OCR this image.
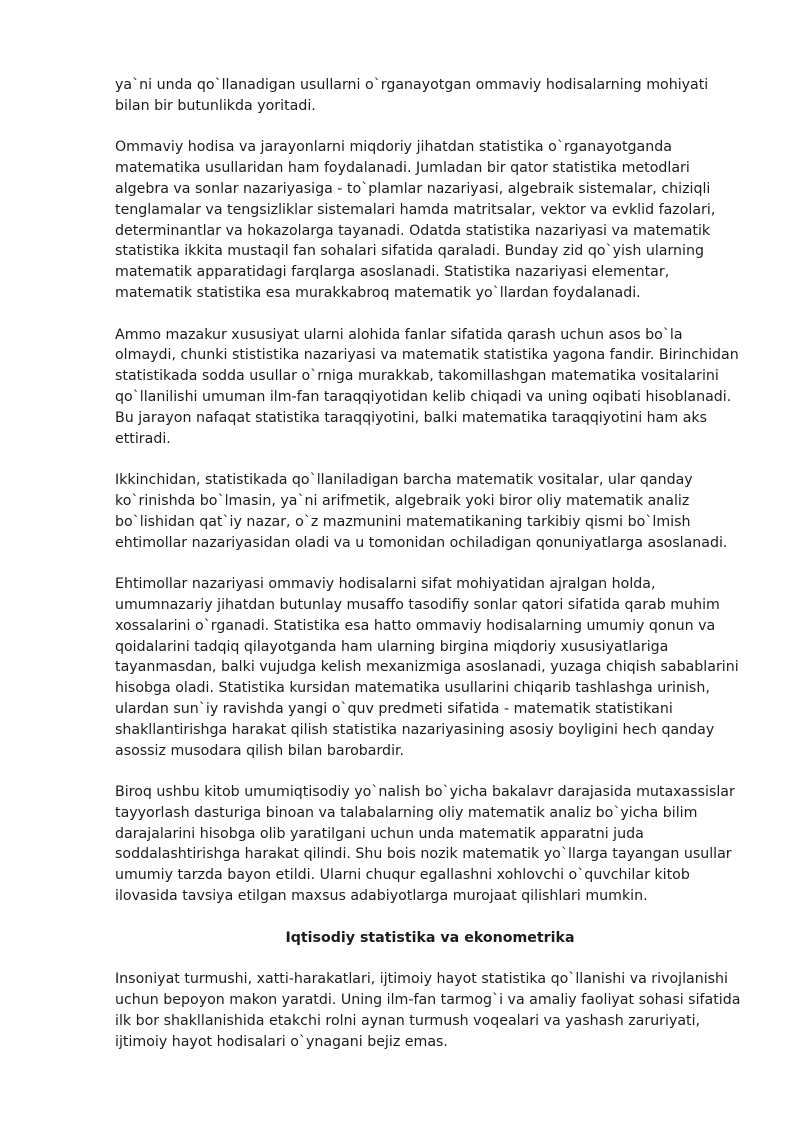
ya`ni unda qo`llanadigan usullarni o`rganayotgan ommaviy hodisalarning mohiyati bilan bir butunlikda yoritadi.

Ommaviy hodisa va jarayonlarni miqdoriy jihatdan statistika o`rganayotganda matematika usullaridan ham foydalanadi. Jumladan bir qator statistika metodlari algebra va sonlar nazariyasiga - to`plamlar nazariyasi, algebraik sistemalar, chiziqli tenglamalar va tengsizliklar sistemalari hamda matritsalar, vektor va evklid fazolari, determinantlar va hokazolarga tayanadi. Odatda statistika nazariyasi va matematik statistika ikkita mustaqil fan sohalari sifatida qaraladi. Bunday zid qo`yish ularning matematik apparatidagi farqlarga asoslanadi. Statistika nazariyasi elementar, matematik statistika esa murakkabroq matematik yo`llardan foydalanadi.

Ammo mazakur xususiyat ularni alohida fanlar sifatida qarash uchun asos bo`la olmaydi, chunki stististika nazariyasi va matematik statistika yagona fandir. Birinchidan statistikada sodda usullar o`rniga murakkab, takomillashgan matematika vositalarini qo`llanilishi umuman ilm-fan taraqqiyotidan kelib chiqadi va uning oqibati hisoblanadi. Bu jarayon nafaqat statistika taraqqiyotini, balki matematika taraqqiyotini ham aks ettiradi.

Ikkinchidan, statistikada qo`llaniladigan barcha matematik vositalar, ular qanday ko`rinishda bo`lmasin, ya`ni arifmetik, algebraik yoki biror oliy matematik analiz bo`lishidan qat`iy nazar, o`z mazmunini matematikaning tarkibiy qismi bo`lmish ehtimollar nazariyasidan oladi va u tomonidan ochiladigan qonuniyatlarga asoslanadi.

Ehtimollar nazariyasi ommaviy hodisalarni sifat mohiyatidan ajralgan holda, umumnazariy jihatdan butunlay musaffo tasodifiy sonlar qatori sifatida qarab muhim xossalarini o`rganadi. Statistika esa hatto ommaviy hodisalarning umumiy qonun va qoidalarini tadqiq qilayotganda ham ularning birgina miqdoriy xususiyatlariga tayanmasdan, balki vujudga kelish mexanizmiga asoslanadi, yuzaga chiqish sabablarini hisobga oladi. Statistika kursidan matematika usullarini chiqarib tashlashga urinish, ulardan sun`iy ravishda yangi o`quv predmeti sifatida - matematik statistikani shakllantirishga harakat qilish statistika nazariyasining asosiy boyligini hech qanday asossiz musodara qilish bilan barobardir.

Biroq ushbu kitob umumiqtisodiy yo`nalish bo`yicha bakalavr darajasida mutaxassislar tayyorlash dasturiga binoan va talabalarning oliy matematik analiz bo`yicha bilim darajalarini hisobga olib yaratilgani uchun unda matematik apparatni juda soddalashtirishga harakat qilindi. Shu bois nozik matematik yo`llarga tayangan usullar umumiy tarzda bayon etildi. Ularni chuqur egallashni xohlovchi o`quvchilar kitob ilovasida tavsiya etilgan maxsus adabiyotlarga murojaat qilishlari mumkin.

Iqtisodiy statistika va ekonometrika

Insoniyat turmushi, xatti-harakatlari, ijtimoiy hayot statistika qo`llanishi va rivojlanishi uchun bepoyon makon yaratdi. Uning ilm-fan tarmog`i va amaliy faoliyat sohasi sifatida ilk bor shakllanishida etakchi rolni aynan turmush voqealari va yashash zaruriyati, ijtimoiy hayot hodisalari o`ynagani bejiz emas.
